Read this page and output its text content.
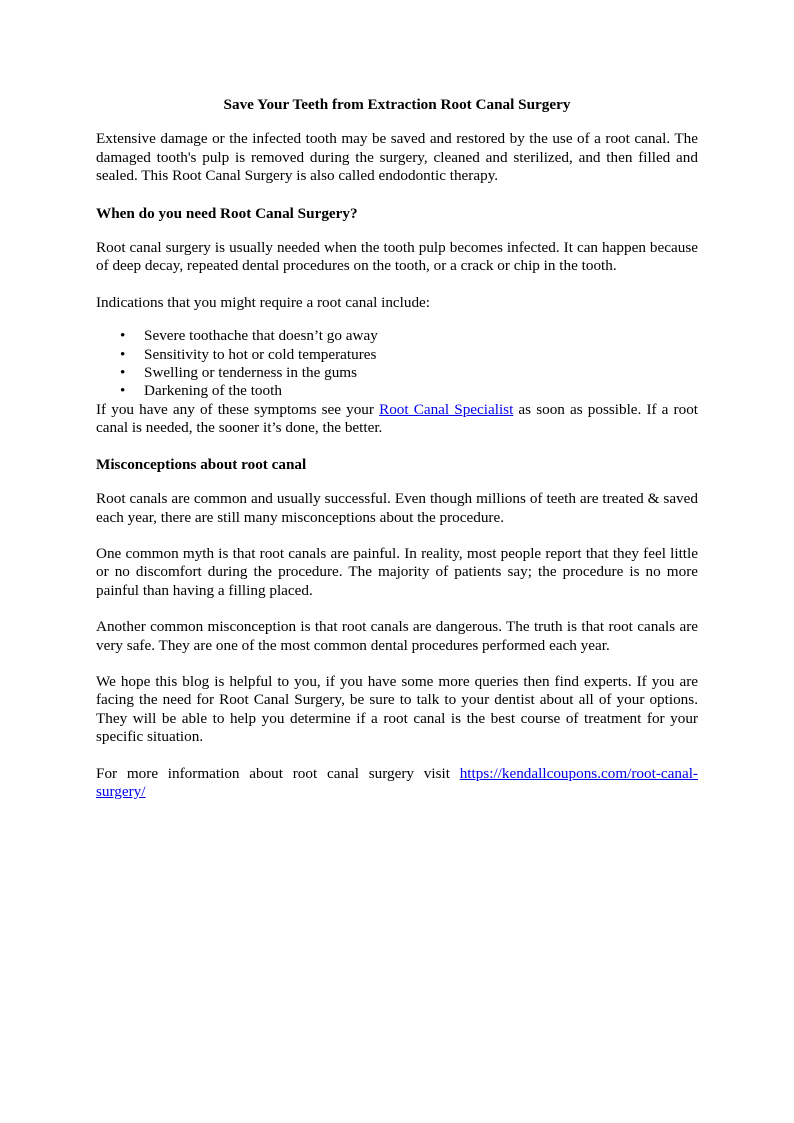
Save Your Teeth from Extraction Root Canal Surgery

Extensive damage or the infected tooth may be saved and restored by the use of a root canal. The damaged tooth's pulp is removed during the surgery, cleaned and sterilized, and then filled and sealed. This Root Canal Surgery is also called endodontic therapy.

When do you need Root Canal Surgery?

Root canal surgery is usually needed when the tooth pulp becomes infected. It can happen because of deep decay, repeated dental procedures on the tooth, or a crack or chip in the tooth.

Indications that you might require a root canal include:

• Severe toothache that doesn’t go away
• Sensitivity to hot or cold temperatures
• Swelling or tenderness in the gums
• Darkening of the tooth

If you have any of these symptoms see your Root Canal Specialist as soon as possible. If a root canal is needed, the sooner it’s done, the better.

Misconceptions about root canal

Root canals are common and usually successful. Even though millions of teeth are treated & saved each year, there are still many misconceptions about the procedure.

One common myth is that root canals are painful. In reality, most people report that they feel little or no discomfort during the procedure. The majority of patients say; the procedure is no more painful than having a filling placed.

Another common misconception is that root canals are dangerous. The truth is that root canals are very safe. They are one of the most common dental procedures performed each year.

We hope this blog is helpful to you, if you have some more queries then find experts. If you are facing the need for Root Canal Surgery, be sure to talk to your dentist about all of your options. They will be able to help you determine if a root canal is the best course of treatment for your specific situation.

For more information about root canal surgery visit https://kendallcoupons.com/root-canal-surgery/
